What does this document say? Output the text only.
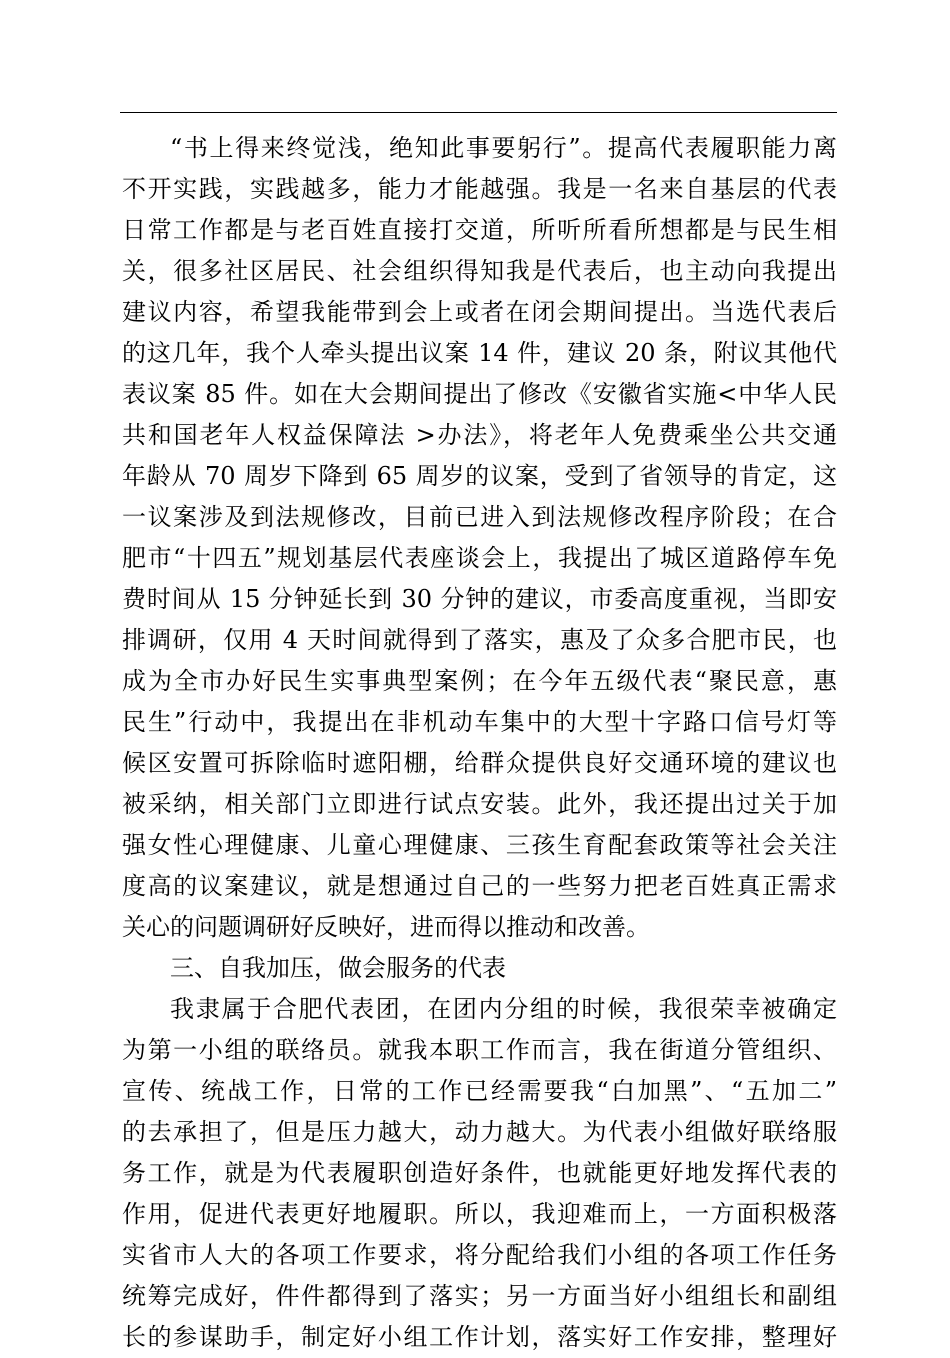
“书上得来终觉浅，绝知此事要躬行”。提高代表履职能力离
不开实践，实践越多，能力才能越强。我是一名来自基层的代表
日常工作都是与老百姓直接打交道，所听所看所想都是与民生相
关，很多社区居民、社会组织得知我是代表后，也主动向我提出
建议内容，希望我能带到会上或者在闭会期间提出。当选代表后
的这几年，我个人牵头提出议案 14 件，建议 20 条，附议其他代
表议案 85 件。如在大会期间提出了修改《安徽省实施<中华人民
共和国老年人权益保障法 >办法》，将老年人免费乘坐公共交通
年龄从 70 周岁下降到 65 周岁的议案，受到了省领导的肯定，这
一议案涉及到法规修改，目前已进入到法规修改程序阶段；在合
肥市“十四五”规划基层代表座谈会上，我提出了城区道路停车免
费时间从 15 分钟延长到 30 分钟的建议，市委高度重视，当即安
排调研，仅用 4 天时间就得到了落实，惠及了众多合肥市民，也
成为全市办好民生实事典型案例；在今年五级代表“聚民意，惠
民生”行动中，我提出在非机动车集中的大型十字路口信号灯等
候区安置可拆除临时遮阳棚，给群众提供良好交通环境的建议也
被采纳，相关部门立即进行试点安装。此外，我还提出过关于加
强女性心理健康、儿童心理健康、三孩生育配套政策等社会关注
度高的议案建议，就是想通过自己的一些努力把老百姓真正需求
关心的问题调研好反映好，进而得以推动和改善。
三、自我加压，做会服务的代表
我隶属于合肥代表团，在团内分组的时候，我很荣幸被确定
为第一小组的联络员。就我本职工作而言，我在街道分管组织、
宣传、统战工作，日常的工作已经需要我“白加黑”、“五加二”
的去承担了，但是压力越大，动力越大。为代表小组做好联络服
务工作，就是为代表履职创造好条件，也就能更好地发挥代表的
作用，促进代表更好地履职。所以，我迎难而上，一方面积极落
实省市人大的各项工作要求，将分配给我们小组的各项工作任务
统筹完成好，件件都得到了落实；另一方面当好小组组长和副组
长的参谋助手，制定好小组工作计划，落实好工作安排，整理好
